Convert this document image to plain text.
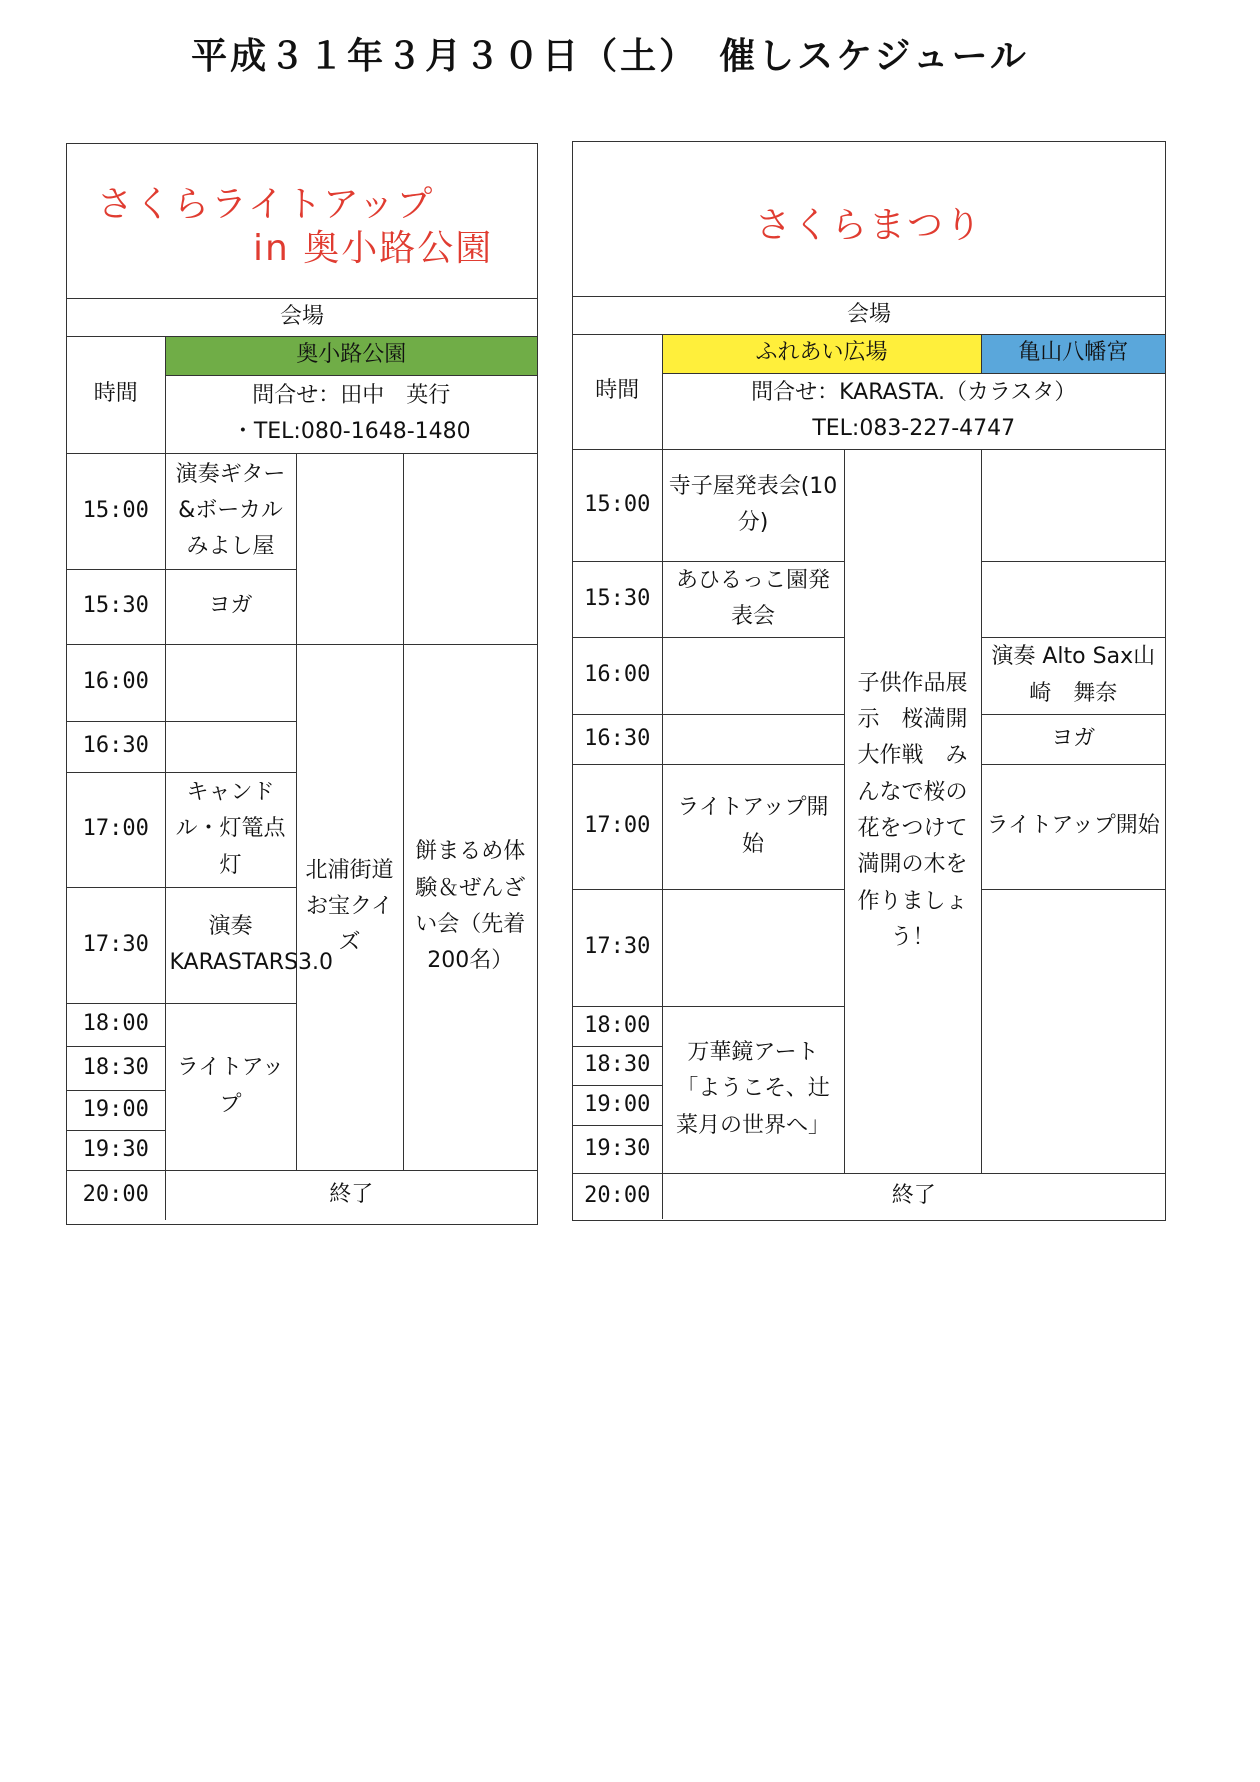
平成３１年３月３０日（土）　催しスケジュール
さくらライトアップ
in 奥小路公園
会場			
時間	奥小路公園		

	問合せ：田中　英行
・TEL:080-1648-1480		

15:00	演奏ギター&ボーカルみよし屋		
15:30	ヨガ		
16:00		北浦街道お宝クイズ	餅まるめ体験＆ぜんざい会（先着200名）
16:30			
17:00	キャンドル・灯篭点灯		
17:30	演奏KARASTARS3.0		
18:00	ライトアップ		
18:30			
19:00			
19:30			
20:00	終了		
さくらまつり
会場			
時間	ふれあい広場		亀山八幡宮

	問合せ：KARASTA.（カラスタ）
TEL:083-227-4747		

15:00	寺子屋発表会(10分)	子供作品展示　桜満開大作戦　みんなで桜の花をつけて満開の木を作りましょう！	
15:30	あひるっこ園発表会		
16:00			演奏 Alto Sax山崎　舞奈
16:30			ヨガ
17:00	ライトアップ開始		ライトアップ開始
17:30			
18:00	万華鏡アート「ようこそ、辻菜月の世界へ」		
18:30			
19:00			
19:30			
20:00	終了		
